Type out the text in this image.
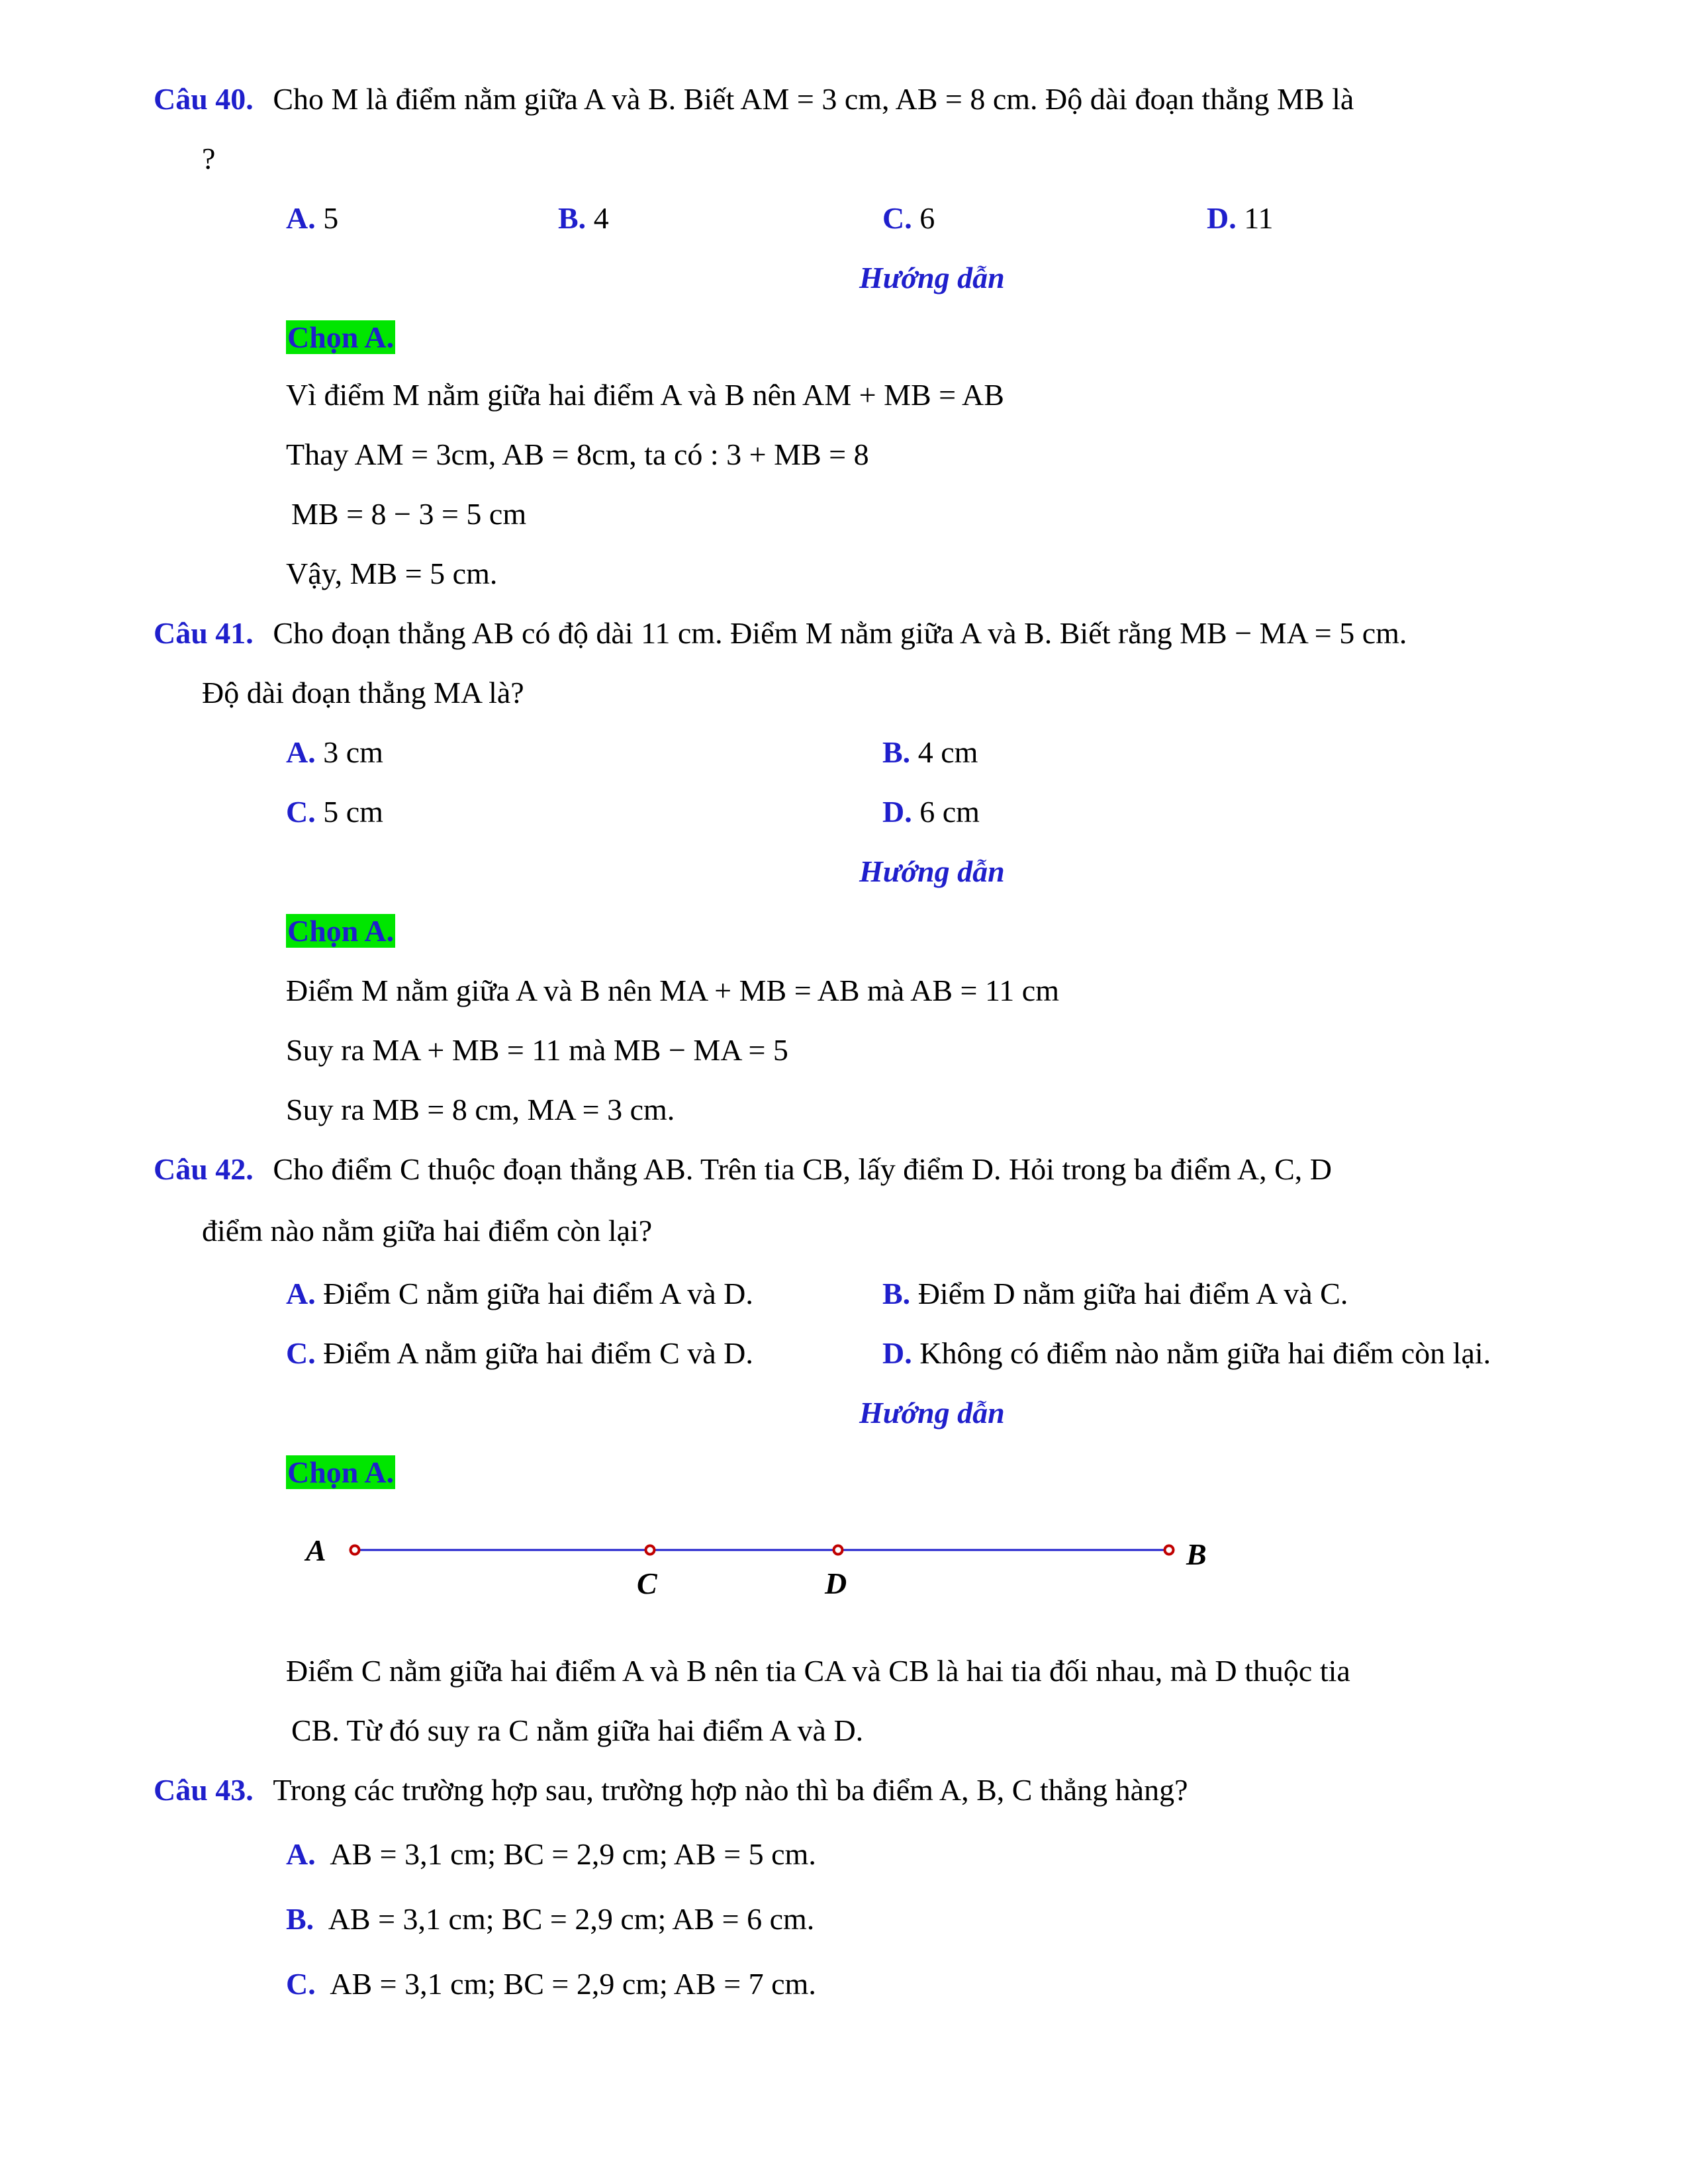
Câu 40. Cho M là điểm nằm giữa A và B. Biết AM = 3 cm, AB = 8 cm. Độ dài đoạn thẳng MB là
?
A. 5	B. 4	C. 6	D. 11
Hướng dẫn
Chọn A.
Vì điểm M nằm giữa hai điểm A và B nên AM + MB = AB
Thay AM = 3cm, AB = 8cm, ta có : 3 + MB = 8
MB = 8 − 3 = 5 cm
Vậy, MB = 5 cm.
Câu 41. Cho đoạn thẳng AB có độ dài 11 cm. Điểm M nằm giữa A và B. Biết rằng MB − MA = 5 cm.
Độ dài đoạn thẳng MA là?
A. 3 cm	B. 4 cm
C. 5 cm	D. 6 cm
Hướng dẫn
Chọn A.
Điểm M nằm giữa A và B nên MA + MB = AB mà AB = 11 cm
Suy ra MA + MB = 11 mà MB − MA = 5
Suy ra MB = 8 cm, MA = 3 cm.
Câu 42. Cho điểm C thuộc đoạn thẳng AB. Trên tia CB, lấy điểm D. Hỏi trong ba điểm A, C, D
điểm nào nằm giữa hai điểm còn lại?
A. Điểm C nằm giữa hai điểm A và D.	B. Điểm D nằm giữa hai điểm A và C.
C. Điểm A nằm giữa hai điểm C và D.	D. Không có điểm nào nằm giữa hai điểm còn lại.
Hướng dẫn
Chọn A.
A
C	D
B
Điểm C nằm giữa hai điểm A và B nên tia CA và CB là hai tia đối nhau, mà D thuộc tia
CB. Từ đó suy ra C nằm giữa hai điểm A và D.
Câu 43. Trong các trường hợp sau, trường hợp nào thì ba điểm A, B, C thẳng hàng?
A. AB = 3,1 cm; BC = 2,9 cm; AB = 5 cm.
B. AB = 3,1 cm; BC = 2,9 cm; AB = 6 cm.
C. AB = 3,1 cm; BC = 2,9 cm; AB = 7 cm.
